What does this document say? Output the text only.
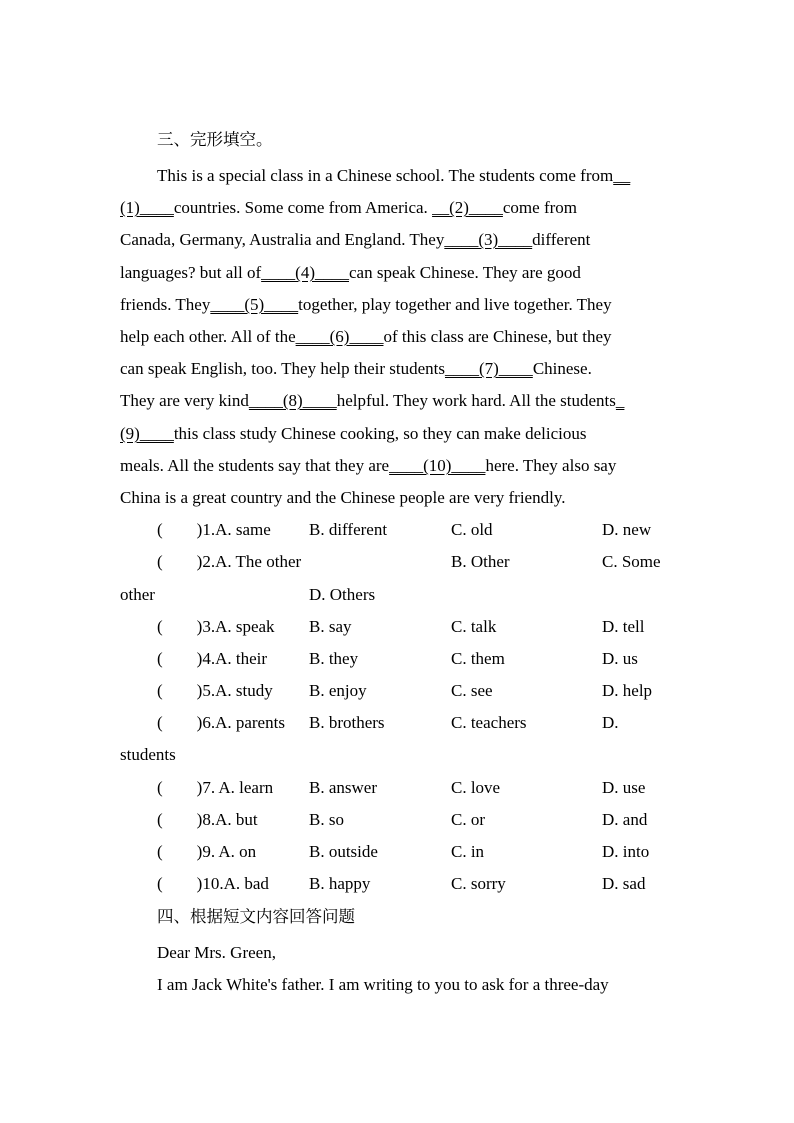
三、完形填空。
This is a special class in a Chinese school. The students come from__
(1)____countries. Some come from America. __(2)____come from
Canada, Germany, Australia and England. They____(3)____different
languages? but all of____(4)____can speak Chinese. They are good
friends. They____(5)____together, play together and live together. They
help each other. All of the____(6)____of this class are Chinese, but they
can speak English, too. They help their students____(7)____Chinese.
They are very kind____(8)____helpful. They work hard. All the students_
(9)____this class study Chinese cooking, so they can make delicious
meals. All the students say that they are____(10)____here. They also say
China is a great country and the Chinese people are very friendly.
(　　)1.A. same B. different	C. old	D. new
(　　)2.A. The other	B. Other	C. Some
other	D. Others
(　　)3.A. speak B. say	C. talk	D. tell
(　　)4.A. their B. they	C. them	D. us
(　　)5.A. study B. enjoy	C. see	D. help
(　　)6.A. parents B. brothers	C. teachers	D.
students
(　　)7. A. learn B. answer	C. love	D. use
(　　)8.A. but	B. so	C. or	D. and
(　　)9. A. on	B. outside	C. in	D. into
(　　)10.A. bad B. happy	C. sorry	D. sad
四、根据短文内容回答问题
Dear Mrs. Green,
I am Jack White's father. I am writing to you to ask for a three-day
